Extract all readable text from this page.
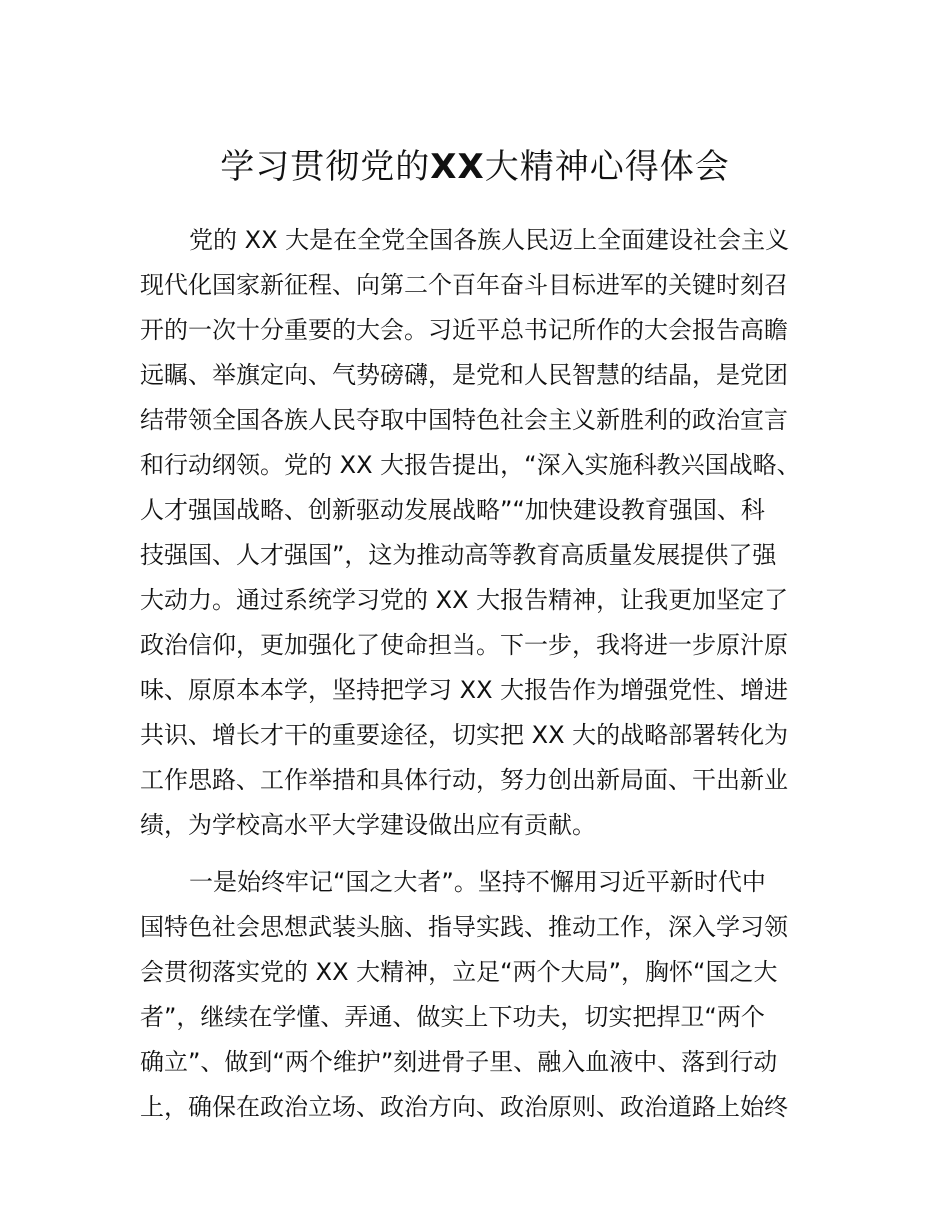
学习贯彻党的XX大精神心得体会
党的 XX 大是在全党全国各族人民迈上全面建设社会主义
现代化国家新征程、向第二个百年奋斗目标进军的关键时刻召
开的一次十分重要的大会。习近平总书记所作的大会报告高瞻
远瞩、举旗定向、气势磅礴，是党和人民智慧的结晶，是党团
结带领全国各族人民夺取中国特色社会主义新胜利的政治宣言
和行动纲领。党的 XX 大报告提出，“深入实施科教兴国战略、
人才强国战略、创新驱动发展战略”“加快建设教育强国、科
技强国、人才强国”，这为推动高等教育高质量发展提供了强
大动力。通过系统学习党的 XX 大报告精神，让我更加坚定了
政治信仰，更加强化了使命担当。下一步，我将进一步原汁原
味、原原本本学，坚持把学习 XX 大报告作为增强党性、增进
共识、增长才干的重要途径，切实把 XX 大的战略部署转化为
工作思路、工作举措和具体行动，努力创出新局面、干出新业
绩，为学校高水平大学建设做出应有贡献。
一是始终牢记“国之大者”。坚持不懈用习近平新时代中
国特色社会思想武装头脑、指导实践、推动工作，深入学习领
会贯彻落实党的 XX 大精神，立足“两个大局”，胸怀“国之大
者”，继续在学懂、弄通、做实上下功夫，切实把捍卫“两个
确立”、做到“两个维护”刻进骨子里、融入血液中、落到行动
上，确保在政治立场、政治方向、政治原则、政治道路上始终
